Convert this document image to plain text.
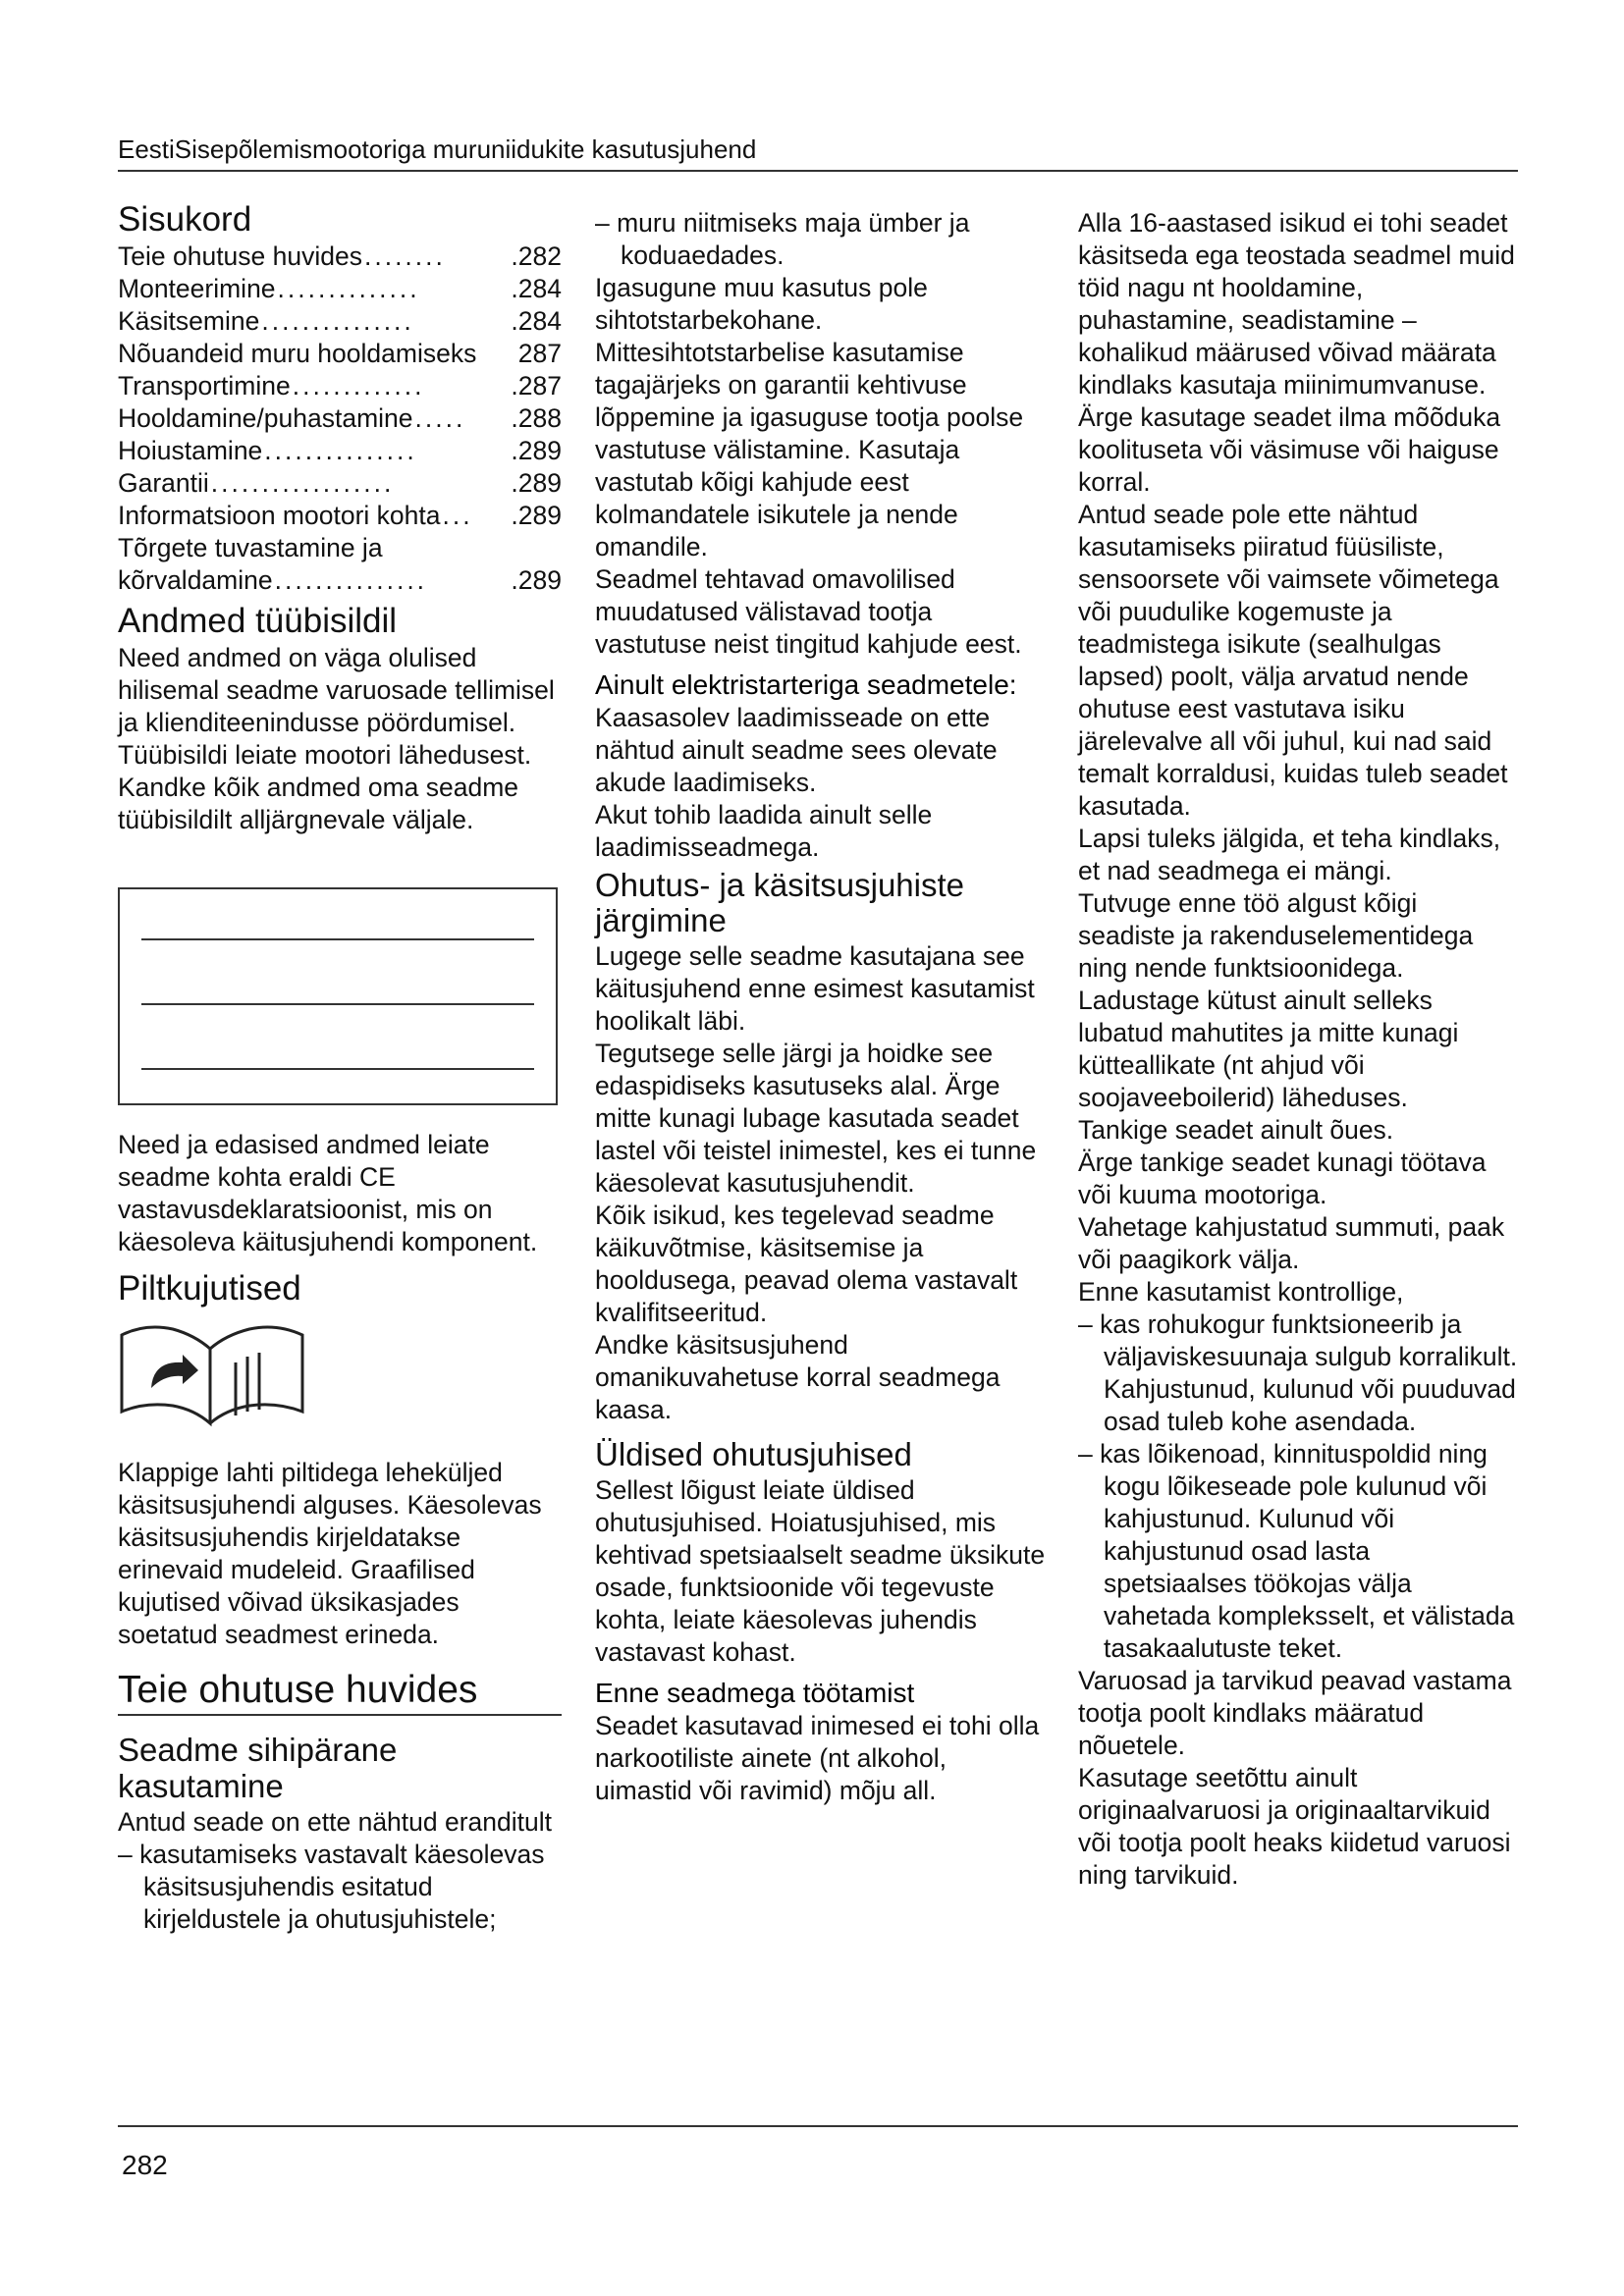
EestiSisepõlemismootoriga muruniidukite kasutusjuhend
Sisukord
Teie ohutuse huvides ........	.282
Monteerimine ..............	.284
Käsitsemine ...............	.284
Nõuandeid muru hooldamiseks 287
Transportimine .............	.287
Hooldamine/puhastamine .....	.288
Hoiustamine ...............	.289
Garantii ..................	.289
Informatsioon mootori kohta ...	.289
Tõrgete tuvastamine ja
kõrvaldamine ...............	.289
Andmed tüübisildil

Need andmed on väga olulised hilisemal seadme varuosade tellimisel ja klienditeenindusse pöördumisel. Tüübisildi leiate mootori lähedusest. Kandke kõik andmed oma seadme tüübisildilt alljärgnevale väljale.

Need ja edasised andmed leiate seadme kohta eraldi CE vastavusdeklaratsioonist, mis on käesoleva käitusjuhendi komponent.

Piltkujutised

Klappige lahti piltidega leheküljed käsitsusjuhendi alguses. Käesolevas käsitsusjuhendis kirjeldatakse erinevaid mudeleid. Graafilised kujutised võivad üksikasjades soetatud seadmest erineda.

Teie ohutuse huvides
Seadme sihipärane kasutamine

Antud seade on ette nähtud eranditult

– kasutamiseks vastavalt käesolevas käsitsusjuhendis esitatud kirjeldustele ja ohutusjuhistele;

– muru niitmiseks maja ümber ja koduaedades.

Igasugune muu kasutus pole sihtotstarbekohane. Mittesihtotstarbelise kasutamise tagajärjeks on garantii kehtivuse lõppemine ja igasuguse tootja poolse vastutuse välistamine. Kasutaja vastutab kõigi kahjude eest kolmandatele isikutele ja nende omandile.

Seadmel tehtavad omavolilised muudatused välistavad tootja vastutuse neist tingitud kahjude eest.

Ainult elektristarteriga seadmetele:

Kaasasolev laadimisseade on ette nähtud ainult seadme sees olevate akude laadimiseks.

Akut tohib laadida ainult selle laadimisseadmega.

Ohutus- ja käsitsusjuhiste järgimine

Lugege selle seadme kasutajana see käitusjuhend enne esimest kasutamist hoolikalt läbi.

Tegutsege selle järgi ja hoidke see edaspidiseks kasutuseks alal. Ärge mitte kunagi lubage kasutada seadet lastel või teistel inimestel, kes ei tunne käesolevat kasutusjuhendit.

Kõik isikud, kes tegelevad seadme käikuvõtmise, käsitsemise ja hooldusega, peavad olema vastavalt kvalifitseeritud.

Andke käsitsusjuhend omanikuvahetuse korral seadmega kaasa.

Üldised ohutusjuhised

Sellest lõigust leiate üldised ohutusjuhised. Hoiatusjuhised, mis kehtivad spetsiaalselt seadme üksikute osade, funktsioonide või tegevuste kohta, leiate käesolevas juhendis vastavast kohast.

Enne seadmega töötamist

Seadet kasutavad inimesed ei tohi olla narkootiliste ainete (nt alkohol, uimastid või ravimid) mõju all.

Alla 16-aastased isikud ei tohi seadet käsitseda ega teostada seadmel muid töid nagu nt hooldamine, puhastamine, seadistamine – kohalikud määrused võivad määrata kindlaks kasutaja miinimumvanuse.

Ärge kasutage seadet ilma mõõduka koolituseta või väsimuse või haiguse korral.

Antud seade pole ette nähtud kasutamiseks piiratud füüsiliste, sensoorsete või vaimsete võimetega või puudulike kogemuste ja teadmistega isikute (sealhulgas lapsed) poolt, välja arvatud nende ohutuse eest vastutava isiku järelevalve all või juhul, kui nad said temalt korraldusi, kuidas tuleb seadet kasutada.

Lapsi tuleks jälgida, et teha kindlaks, et nad seadmega ei mängi.

Tutvuge enne töö algust kõigi seadiste ja rakenduselementidega ning nende funktsioonidega.

Ladustage kütust ainult selleks lubatud mahutites ja mitte kunagi kütteallikate (nt ahjud või soojaveeboilerid) läheduses.

Tankige seadet ainult õues.

Ärge tankige seadet kunagi töötava või kuuma mootoriga.

Vahetage kahjustatud summuti, paak või paagikork välja.

Enne kasutamist kontrollige,

– kas rohukogur funktsioneerib ja väljaviskesuunaja sulgub korralikult. Kahjustunud, kulunud või puuduvad osad tuleb kohe asendada.

– kas lõikenoad, kinnituspoldid ning kogu lõikeseade pole kulunud või kahjustunud. Kulunud või kahjustunud osad lasta spetsiaalses töökojas välja vahetada kompleksselt, et välistada tasakaalutuste teket.

Varuosad ja tarvikud peavad vastama tootja poolt kindlaks määratud nõuetele.

Kasutage seetõttu ainult originaalvaruosi ja originaaltarvikuid või tootja poolt heaks kiidetud varuosi ning tarvikuid.

282
